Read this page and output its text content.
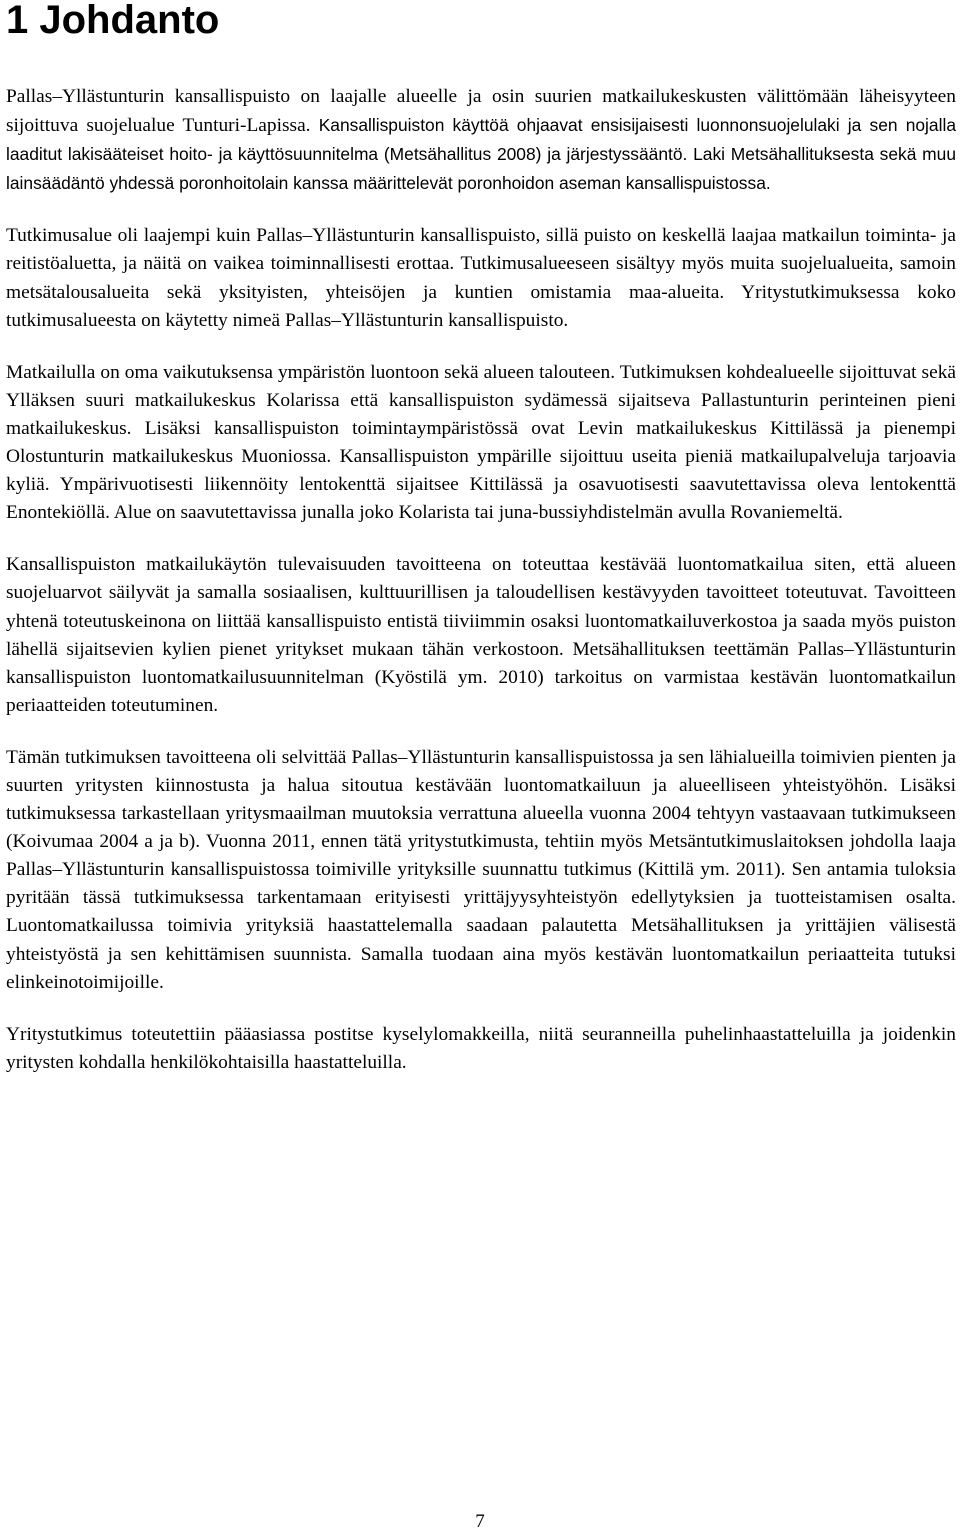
1 Johdanto

Pallas–Yllästunturin kansallispuisto on laajalle alueelle ja osin suurien matkailukeskusten välittömään läheisyyteen sijoittuva suojelualue Tunturi-Lapissa. Kansallispuiston käyttöä ohjaavat ensisijaisesti luonnonsuojelulaki ja sen nojalla laaditut lakisääteiset hoito- ja käyttösuunnitelma (Metsähallitus 2008) ja järjestyssääntö. Laki Metsähallituksesta sekä muu lainsäädäntö yhdessä poronhoitolain kanssa määrittelevät poronhoidon aseman kansallispuistossa.

Tutkimusalue oli laajempi kuin Pallas–Yllästunturin kansallispuisto, sillä puisto on keskellä laajaa matkailun toiminta- ja reitistöaluetta, ja näitä on vaikea toiminnallisesti erottaa. Tutkimusalueeseen sisältyy myös muita suojelualueita, samoin metsätalousalueita sekä yksityisten, yhteisöjen ja kuntien omistamia maa-alueita. Yritystutkimuksessa koko tutkimusalueesta on käytetty nimeä Pallas–Yllästunturin kansallispuisto.

Matkailulla on oma vaikutuksensa ympäristön luontoon sekä alueen talouteen. Tutkimuksen kohdealueelle sijoittuvat sekä Ylläksen suuri matkailukeskus Kolarissa että kansallispuiston sydämessä sijaitseva Pallastunturin perinteinen pieni matkailukeskus. Lisäksi kansallispuiston toimintaympäristössä ovat Levin matkailukeskus Kittilässä ja pienempi Olostunturin matkailukeskus Muoniossa. Kansallispuiston ympärille sijoittuu useita pieniä matkailupalveluja tarjoavia kyliä. Ympärivuotisesti liikennöity lentokenttä sijaitsee Kittilässä ja osavuotisesti saavutettavissa oleva lentokenttä Enontekiöllä. Alue on saavutettavissa junalla joko Kolarista tai juna-bussiyhdistelmän avulla Rovaniemeltä.

Kansallispuiston matkailukäytön tulevaisuuden tavoitteena on toteuttaa kestävää luontomatkailua siten, että alueen suojeluarvot säilyvät ja samalla sosiaalisen, kulttuurillisen ja taloudellisen kestävyyden tavoitteet toteutuvat. Tavoitteen yhtenä toteutuskeinona on liittää kansallispuisto entistä tiiviimmin osaksi luontomatkailuverkostoa ja saada myös puiston lähellä sijaitsevien kylien pienet yritykset mukaan tähän verkostoon. Metsähallituksen teettämän Pallas–Yllästunturin kansallispuiston luontomatkailusuunnitelman (Kyöstilä ym. 2010) tarkoitus on varmistaa kestävän luontomatkailun periaatteiden toteutuminen.

Tämän tutkimuksen tavoitteena oli selvittää Pallas–Yllästunturin kansallispuistossa ja sen lähialueilla toimivien pienten ja suurten yritysten kiinnostusta ja halua sitoutua kestävään luontomatkailuun ja alueelliseen yhteistyöhön. Lisäksi tutkimuksessa tarkastellaan yritysmaailman muutoksia verrattuna alueella vuonna 2004 tehtyyn vastaavaan tutkimukseen (Koivumaa 2004 a ja b). Vuonna 2011, ennen tätä yritystutkimusta, tehtiin myös Metsäntutkimuslaitoksen johdolla laaja Pallas–Yllästunturin kansallispuistossa toimiville yrityksille suunnattu tutkimus (Kittilä ym. 2011). Sen antamia tuloksia pyritään tässä tutkimuksessa tarkentamaan erityisesti yrittäjyysyhteistyön edellytyksien ja tuotteistamisen osalta. Luontomatkailussa toimivia yrityksiä haastattelemalla saadaan palautetta Metsähallituksen ja yrittäjien välisestä yhteistyöstä ja sen kehittämisen suunnista. Samalla tuodaan aina myös kestävän luontomatkailun periaatteita tutuksi elinkeinotoimijoille.

Yritystutkimus toteutettiin pääasiassa postitse kyselylomakkeilla, niitä seuranneilla puhelinhaastatteluilla ja joidenkin yritysten kohdalla henkilökohtaisilla haastatteluilla.

7
